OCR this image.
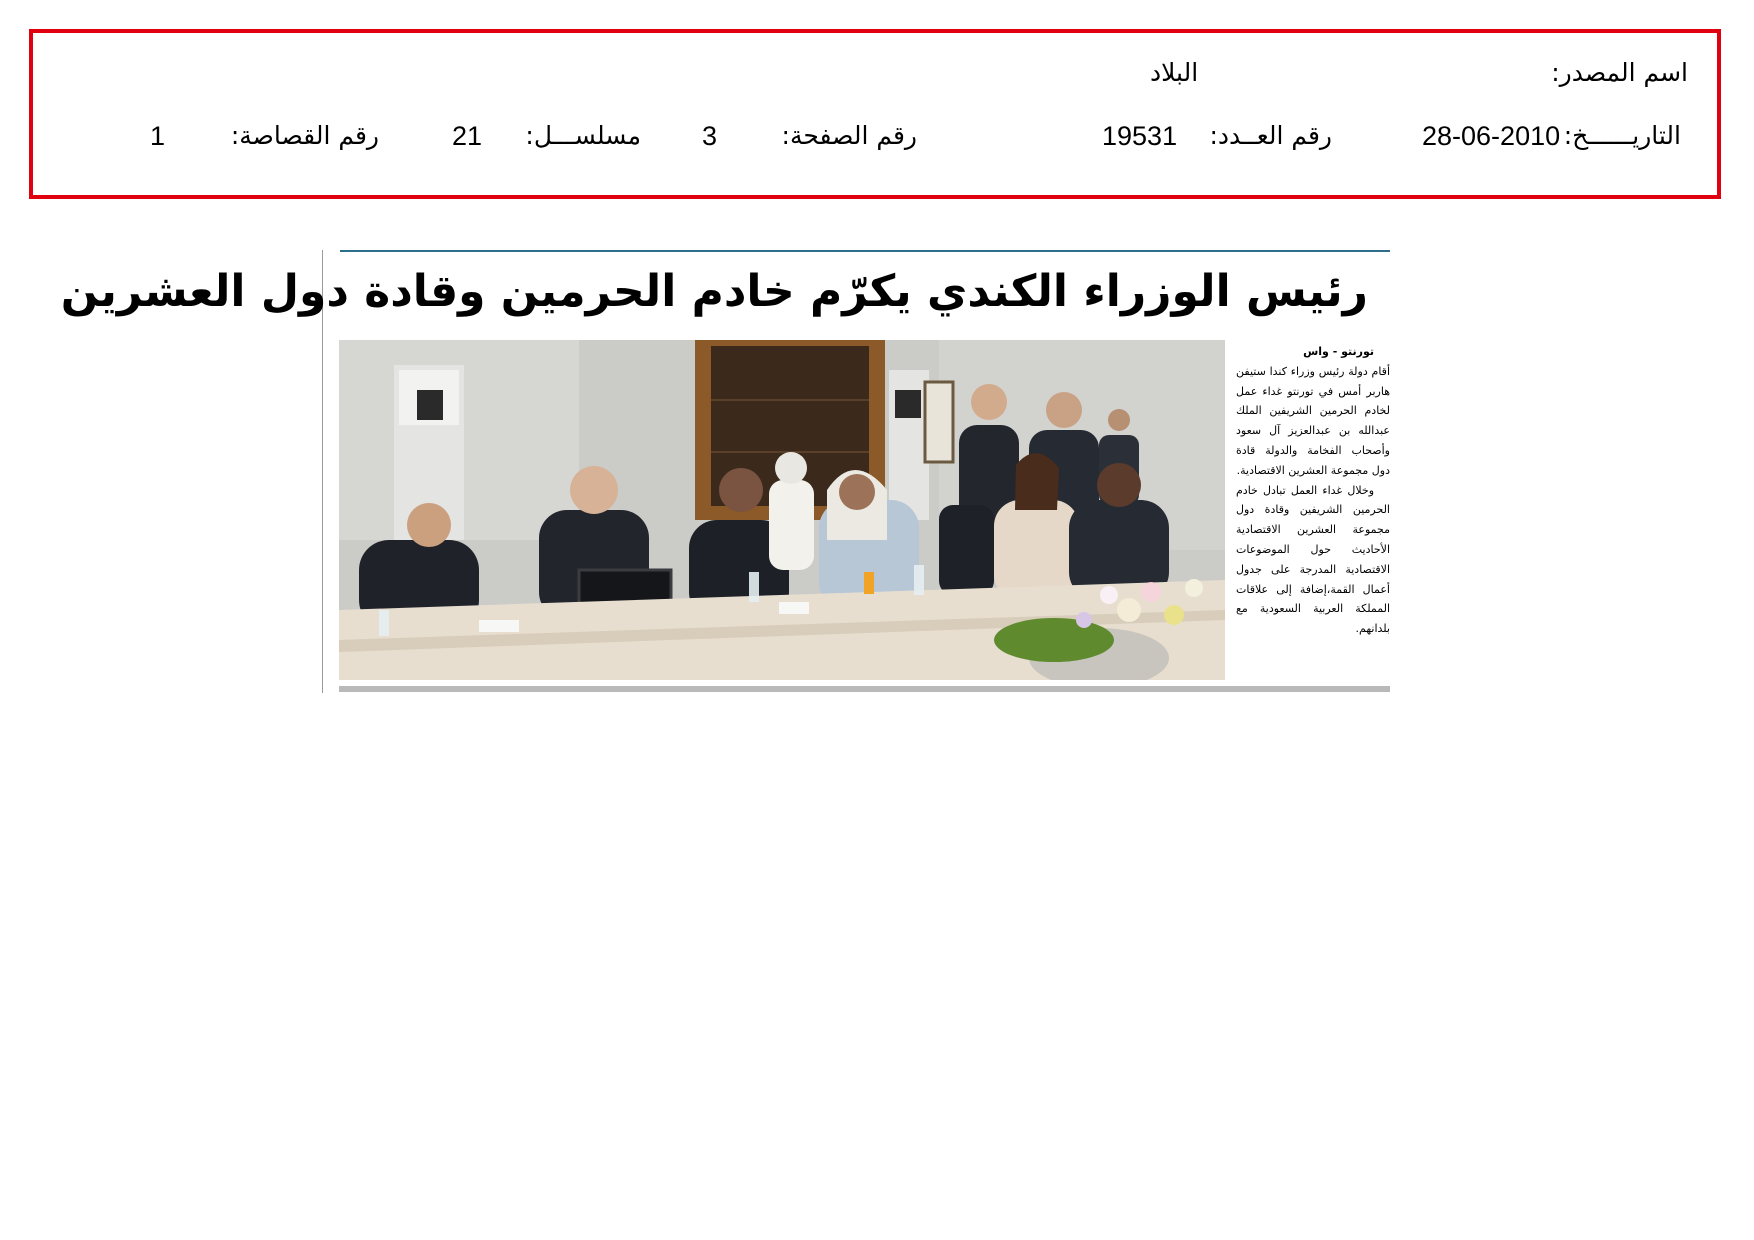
اسم المصدر:
البلاد
التاريــــــخ:
28-06-2010
رقم العــدد:
19531
رقم الصفحة:
3
مسلســـل:
21
رقم القصاصة:
1
رئيس الوزراء الكندي يكرّم خادم الحرمين وقادة دول العشرين

تورنتو - واس

أقام دولة رئيس وزراء كندا ستيفن هاربر أمس في تورنتو غداء عمل لخادم الحرمين الشريفين الملك عبدالله بن عبدالعزيز آل سعود وأصحاب الفخامة والدولة قادة دول مجموعة العشرين الاقتصادية.

وخلال غداء العمل تبادل خادم الحرمين الشريفين وقادة دول مجموعة العشرين الاقتصادية الأحاديث حول الموضوعات الاقتصادية المدرجة على جدول أعمال القمة،إضافة إلى علاقات المملكة العربية السعودية مع بلدانهم.
